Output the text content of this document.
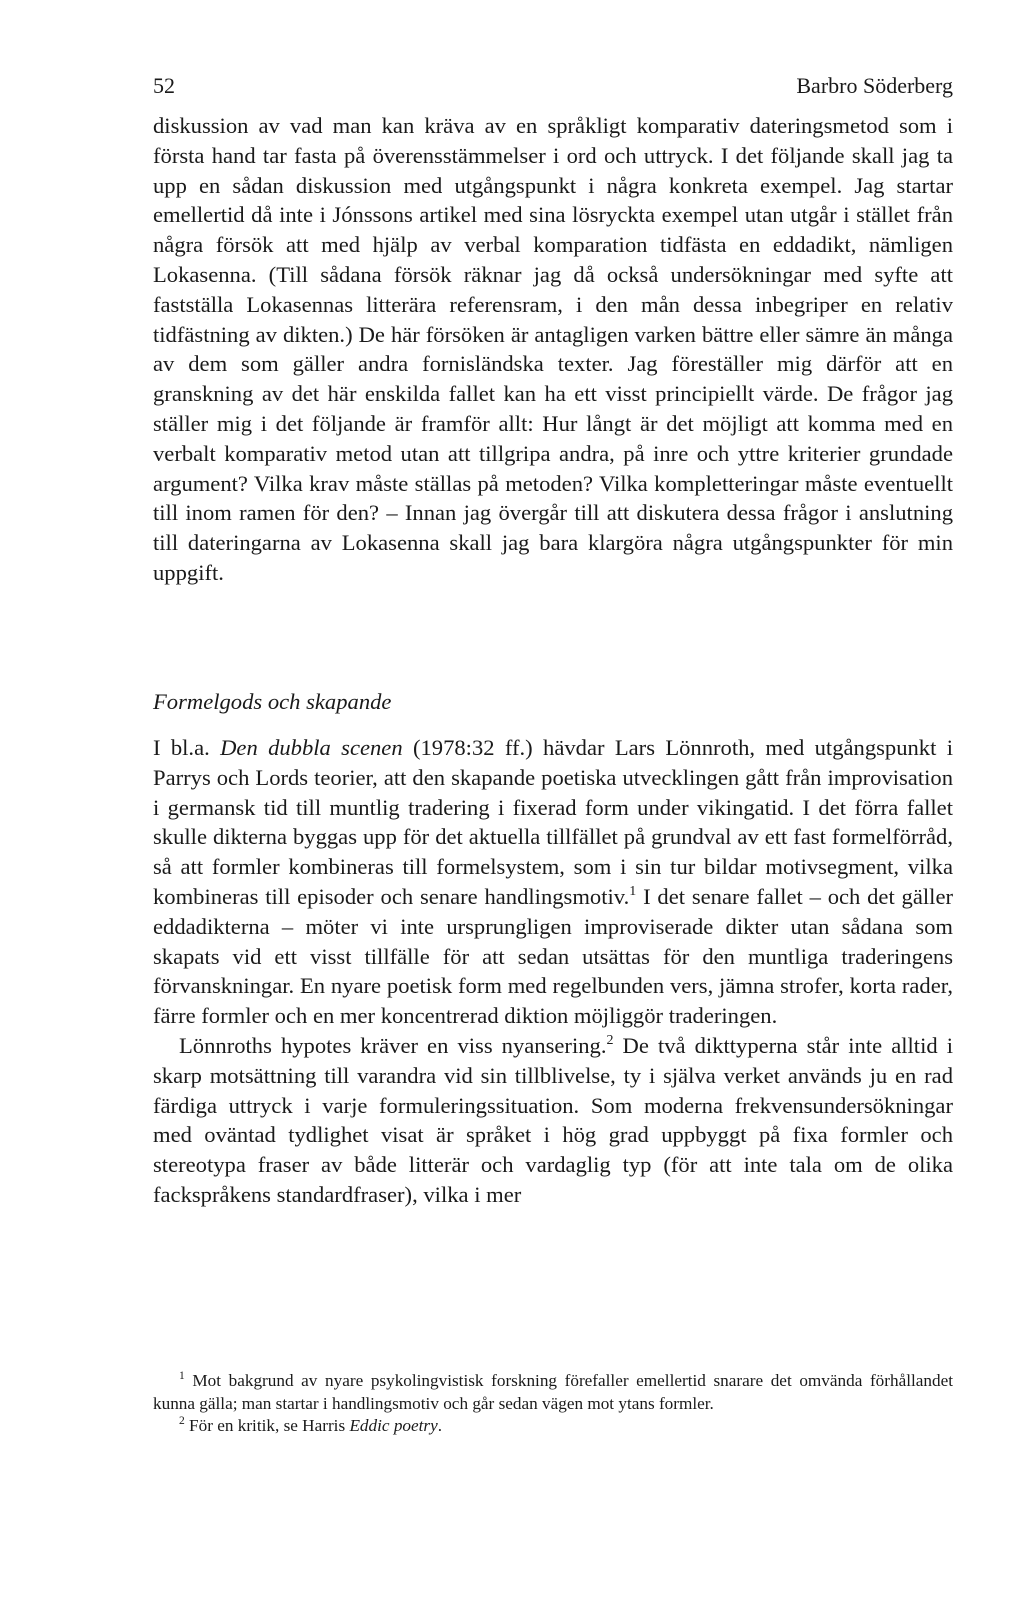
52	Barbro Söderberg

diskussion av vad man kan kräva av en språkligt komparativ dateringsmetod som i första hand tar fasta på överensstämmelser i ord och uttryck. I det följande skall jag ta upp en sådan diskussion med utgångspunkt i några konkreta exempel. Jag startar emellertid då inte i Jónssons artikel med sina lösryckta exempel utan utgår i stället från några försök att med hjälp av verbal komparation tidfästa en eddadikt, nämligen Lokasenna. (Till sådana försök räknar jag då också undersökningar med syfte att fastställa Lokasennas litterära referensram, i den mån dessa inbegriper en relativ tidfästning av dikten.) De här försöken är antagligen varken bättre eller sämre än många av dem som gäller andra fornisländska texter. Jag föreställer mig därför att en granskning av det här enskilda fallet kan ha ett visst principiellt värde. De frågor jag ställer mig i det följande är framför allt: Hur långt är det möjligt att komma med en verbalt komparativ metod utan att tillgripa andra, på inre och yttre kriterier grundade argument? Vilka krav måste ställas på metoden? Vilka kompletteringar måste eventuellt till inom ramen för den? – Innan jag övergår till att diskutera dessa frågor i anslutning till dateringarna av Lokasenna skall jag bara klargöra några utgångspunkter för min uppgift.

Formelgods och skapande

I bl.a. Den dubbla scenen (1978:32 ff.) hävdar Lars Lönnroth, med utgångspunkt i Parrys och Lords teorier, att den skapande poetiska utvecklingen gått från improvisation i germansk tid till muntlig tradering i fixerad form under vikingatid. I det förra fallet skulle dikterna byggas upp för det aktuella tillfället på grundval av ett fast formelförråd, så att formler kombineras till formelsystem, som i sin tur bildar motivsegment, vilka kombineras till episoder och senare handlingsmotiv.$^1$ I det senare fallet – och det gäller eddadikterna – möter vi inte ursprungligen improviserade dikter utan sådana som skapats vid ett visst tillfälle för att sedan utsättas för den muntliga traderingens förvanskningar. En nyare poetisk form med regelbunden vers, jämna strofer, korta rader, färre formler och en mer koncentrerad diktion möjliggör traderingen.

Lönnroths hypotes kräver en viss nyansering.$^2$ De två dikttyperna står inte alltid i skarp motsättning till varandra vid sin tillblivelse, ty i själva verket används ju en rad färdiga uttryck i varje formuleringssituation. Som moderna frekvensundersökningar med oväntad tydlighet visat är språket i hög grad uppbyggt på fixa formler och stereotypa fraser av både litterär och vardaglig typ (för att inte tala om de olika fackspråkens standardfraser), vilka i mer

$^1$ Mot bakgrund av nyare psykolingvistisk forskning förefaller emellertid snarare det omvända förhållandet kunna gälla; man startar i handlingsmotiv och går sedan vägen mot ytans formler.

$^2$ För en kritik, se Harris Eddic poetry.
